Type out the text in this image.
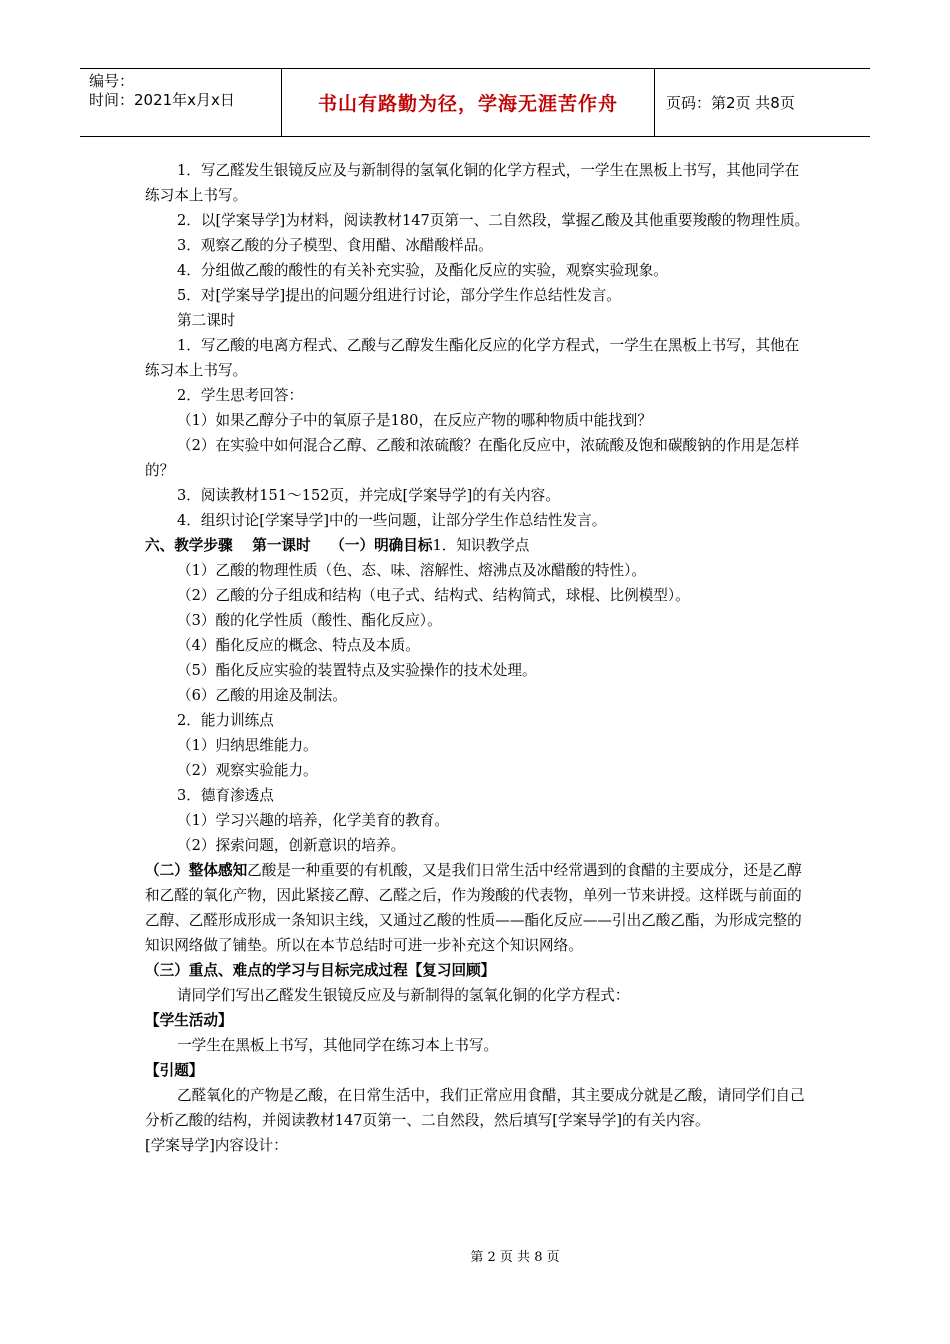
编号：
时间：2021年x月x日	书山有路勤为径，学海无涯苦作舟	页码：第2页 共8页

1．写乙醛发生银镜反应及与新制得的氢氧化铜的化学方程式，一学生在黑板上书写，其他同学在练习本上书写。

2．以[学案导学]为材料，阅读教材147页第一、二自然段，掌握乙酸及其他重要羧酸的物理性质。

3．观察乙酸的分子模型、食用醋、冰醋酸样品。

4．分组做乙酸的酸性的有关补充实验，及酯化反应的实验，观察实验现象。

5．对[学案导学]提出的问题分组进行讨论，部分学生作总结性发言。

第二课时

1．写乙酸的电离方程式、乙酸与乙醇发生酯化反应的化学方程式，一学生在黑板上书写，其他在练习本上书写。

2．学生思考回答：

（1）如果乙醇分子中的氧原子是180，在反应产物的哪种物质中能找到？

（2）在实验中如何混合乙醇、乙酸和浓硫酸？在酯化反应中，浓硫酸及饱和碳酸钠的作用是怎样的？

3．阅读教材151～152页，并完成[学案导学]的有关内容。

4．组织讨论[学案导学]中的一些问题，让部分学生作总结性发言。

六、教学步骤　 第一课时　 （一）明确目标1．知识教学点

（1）乙酸的物理性质（色、态、味、溶解性、熔沸点及冰醋酸的特性）。

（2）乙酸的分子组成和结构（电子式、结构式、结构简式，球棍、比例模型）。

（3）酸的化学性质（酸性、酯化反应）。

（4）酯化反应的概念、特点及本质。

（5）酯化反应实验的装置特点及实验操作的技术处理。

（6）乙酸的用途及制法。

2．能力训练点

（1）归纳思维能力。

（2）观察实验能力。

3．德育渗透点

（1）学习兴趣的培养，化学美育的教育。

（2）探索问题，创新意识的培养。

（二）整体感知乙酸是一种重要的有机酸，又是我们日常生活中经常遇到的食醋的主要成分，还是乙醇和乙醛的氧化产物，因此紧接乙醇、乙醛之后，作为羧酸的代表物，单列一节来讲授。这样既与前面的乙醇、乙醛形成形成一条知识主线，又通过乙酸的性质——酯化反应——引出乙酸乙酯，为形成完整的知识网络做了铺垫。所以在本节总结时可进一步补充这个知识网络。

（三）重点、难点的学习与目标完成过程【复习回顾】

请同学们写出乙醛发生银镜反应及与新制得的氢氧化铜的化学方程式：

【学生活动】

一学生在黑板上书写，其他同学在练习本上书写。

【引题】

乙醛氧化的产物是乙酸，在日常生活中，我们正常应用食醋，其主要成分就是乙酸，请同学们自己分析乙酸的结构，并阅读教材147页第一、二自然段，然后填写[学案导学]的有关内容。

[学案导学]内容设计：

第 2 页 共 8 页
